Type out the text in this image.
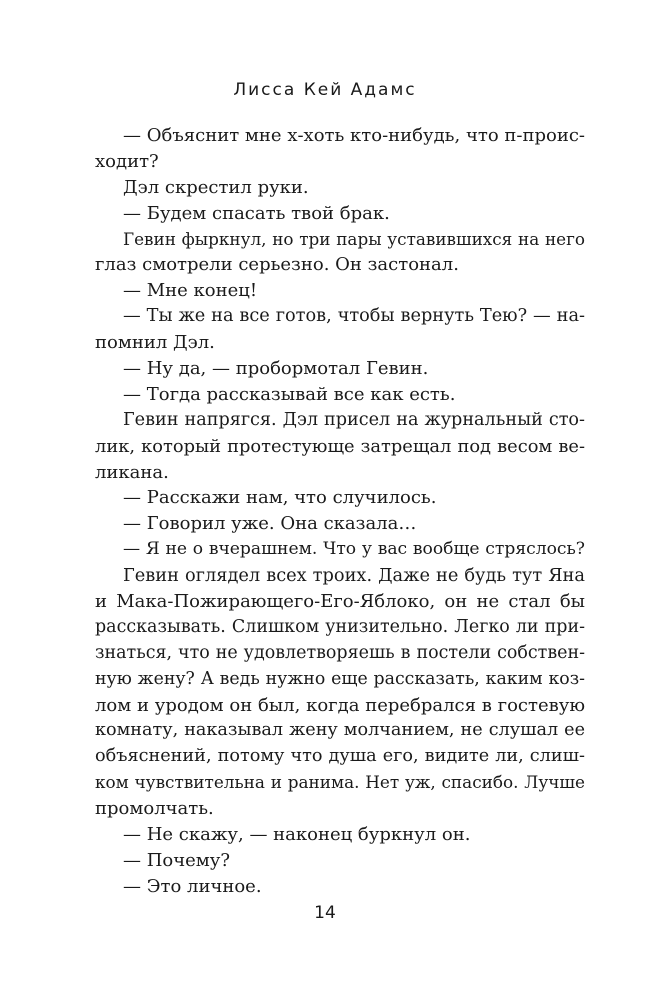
Лисса Кей Адамс
— Объяснит мне х-хоть кто-нибудь, что п-проис-
ходит?
Дэл скрестил руки.
— Будем спасать твой брак.
Гевин фыркнул, но три пары уставившихся на него
глаз смотрели серьезно. Он застонал.
— Мне конец!
— Ты же на все готов, чтобы вернуть Тею? — на-
помнил Дэл.
— Ну да, — пробормотал Гевин.
— Тогда рассказывай все как есть.
Гевин напрягся. Дэл присел на журнальный сто-
лик, который протестующе затрещал под весом ве-
ликана.
— Расскажи нам, что случилось.
— Говорил уже. Она сказала…
— Я не о вчерашнем. Что у вас вообще стряслось?
Гевин оглядел всех троих. Даже не будь тут Яна
и Мака-Пожирающего-Его-Яблоко, он не стал бы
рассказывать. Слишком унизительно. Легко ли при-
знаться, что не удовлетворяешь в постели собствен-
ную жену? А ведь нужно еще рассказать, каким коз-
лом и уродом он был, когда перебрался в гостевую
комнату, наказывал жену молчанием, не слушал ее
объяснений, потому что душа его, видите ли, слиш-
ком чувствительна и ранима. Нет уж, спасибо. Лучше
промолчать.
— Не скажу, — наконец буркнул он.
— Почему?
— Это личное.
14
